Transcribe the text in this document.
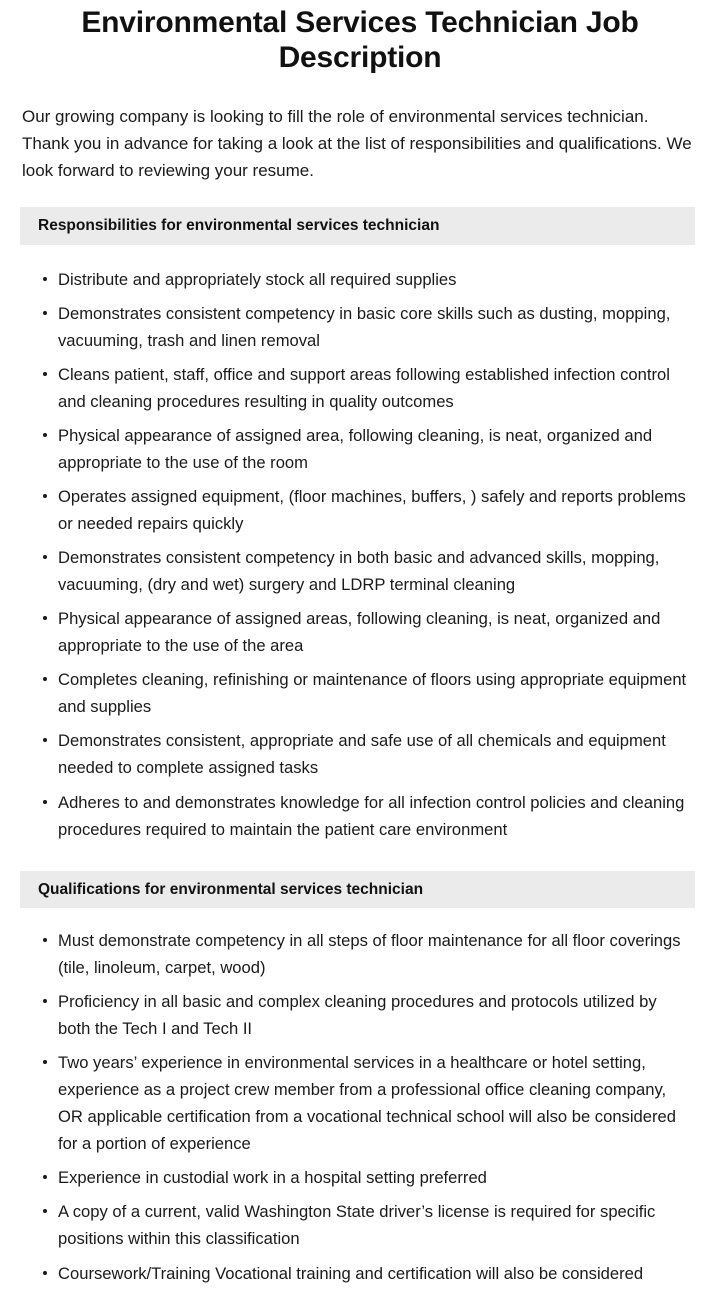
Environmental Services Technician Job Description

Our growing company is looking to fill the role of environmental services technician. Thank you in advance for taking a look at the list of responsibilities and qualifications. We look forward to reviewing your resume.

Responsibilities for environmental services technician
Distribute and appropriately stock all required supplies
Demonstrates consistent competency in basic core skills such as dusting, mopping, vacuuming, trash and linen removal
Cleans patient, staff, office and support areas following established infection control and cleaning procedures resulting in quality outcomes
Physical appearance of assigned area, following cleaning, is neat, organized and appropriate to the use of the room
Operates assigned equipment, (floor machines, buffers, ) safely and reports problems or needed repairs quickly
Demonstrates consistent competency in both basic and advanced skills, mopping, vacuuming, (dry and wet) surgery and LDRP terminal cleaning
Physical appearance of assigned areas, following cleaning, is neat, organized and appropriate to the use of the area
Completes cleaning, refinishing or maintenance of floors using appropriate equipment and supplies
Demonstrates consistent, appropriate and safe use of all chemicals and equipment needed to complete assigned tasks
Adheres to and demonstrates knowledge for all infection control policies and cleaning procedures required to maintain the patient care environment
Qualifications for environmental services technician
Must demonstrate competency in all steps of floor maintenance for all floor coverings (tile, linoleum, carpet, wood)
Proficiency in all basic and complex cleaning procedures and protocols utilized by both the Tech I and Tech II
Two years’ experience in environmental services in a healthcare or hotel setting, experience as a project crew member from a professional office cleaning company, OR applicable certification from a vocational technical school will also be considered for a portion of experience
Experience in custodial work in a hospital setting preferred
A copy of a current, valid Washington State driver’s license is required for specific positions within this classification
Coursework/Training Vocational training and certification will also be considered
